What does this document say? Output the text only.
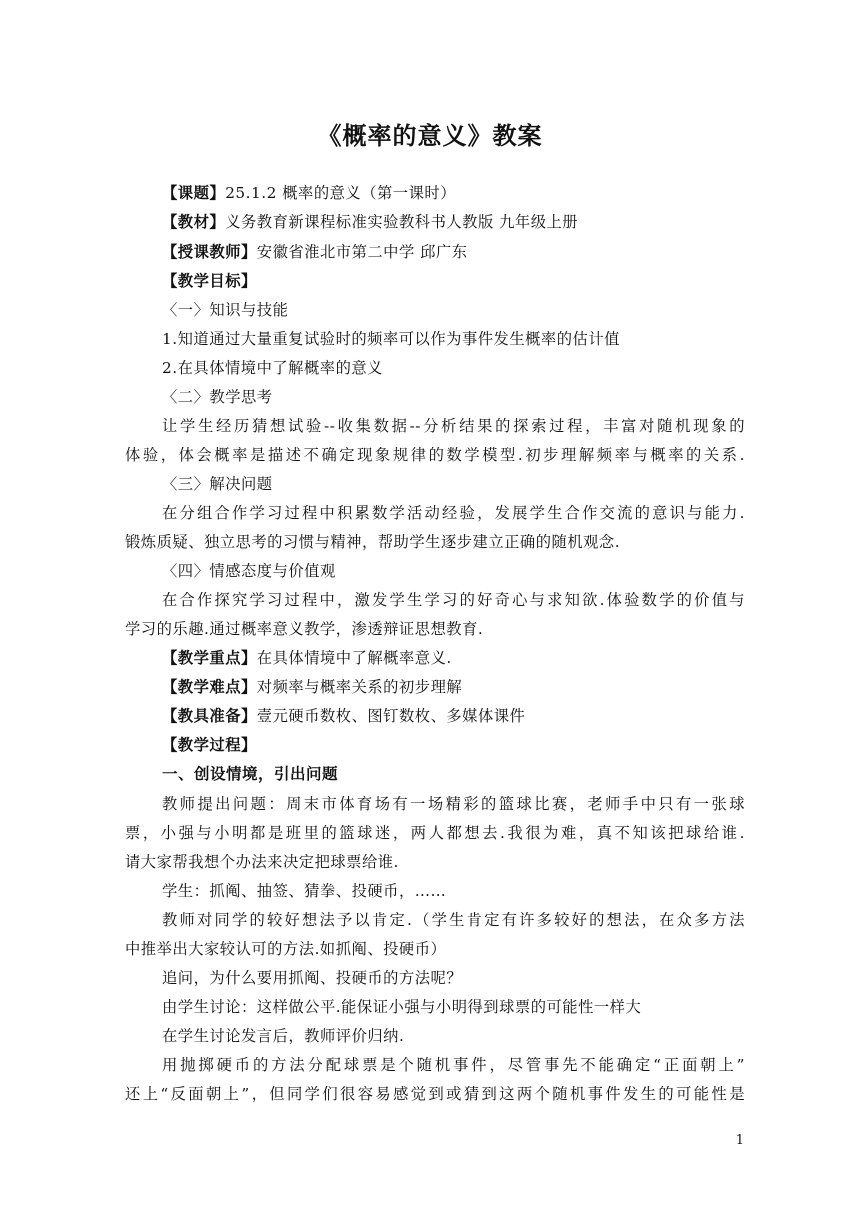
《概率的意义》教案
【课题】25.1.2 概率的意义（第一课时）
【教材】义务教育新课程标准实验教科书人教版 九年级上册
【授课教师】安徽省淮北市第二中学 邱广东
【教学目标】
〈一〉知识与技能
1.知道通过大量重复试验时的频率可以作为事件发生概率的估计值
2.在具体情境中了解概率的意义
〈二〉教学思考
让学生经历猜想试验--收集数据--分析结果的探索过程，丰富对随机现象的
体验，体会概率是描述不确定现象规律的数学模型.初步理解频率与概率的关系.
〈三〉解决问题
在分组合作学习过程中积累数学活动经验，发展学生合作交流的意识与能力.
锻炼质疑、独立思考的习惯与精神，帮助学生逐步建立正确的随机观念.
〈四〉情感态度与价值观
在合作探究学习过程中，激发学生学习的好奇心与求知欲.体验数学的价值与
学习的乐趣.通过概率意义教学，渗透辩证思想教育.
【教学重点】在具体情境中了解概率意义.
【教学难点】对频率与概率关系的初步理解
【教具准备】壹元硬币数枚、图钉数枚、多媒体课件
【教学过程】
一、创设情境，引出问题
教师提出问题：周末市体育场有一场精彩的篮球比赛，老师手中只有一张球
票，小强与小明都是班里的篮球迷，两人都想去.我很为难，真不知该把球给谁.
请大家帮我想个办法来决定把球票给谁.
学生：抓阄、抽签、猜拳、投硬币，……
教师对同学的较好想法予以肯定.（学生肯定有许多较好的想法，在众多方法
中推举出大家较认可的方法.如抓阄、投硬币）
追问，为什么要用抓阄、投硬币的方法呢？
由学生讨论：这样做公平.能保证小强与小明得到球票的可能性一样大
在学生讨论发言后，教师评价归纳.
用抛掷硬币的方法分配球票是个随机事件，尽管事先不能确定“正面朝上”
还上“反面朝上”，但同学们很容易感觉到或猜到这两个随机事件发生的可能性是
1
